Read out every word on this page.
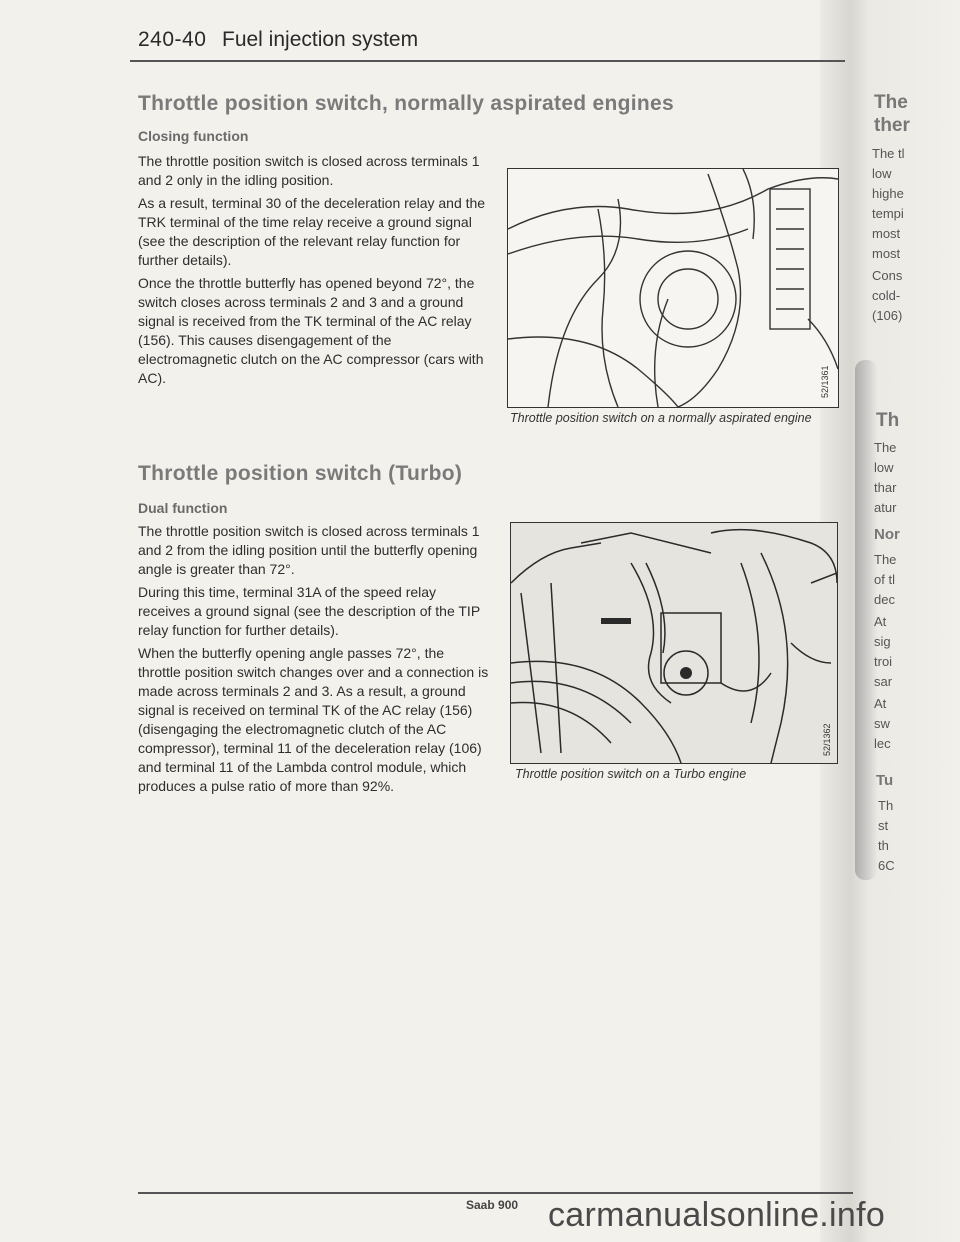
240-40 Fuel injection system
Throttle position switch, normally aspirated engines
Closing function

The throttle position switch is closed across terminals 1 and 2 only in the idling position.

As a result, terminal 30 of the deceleration relay and the TRK terminal of the time relay receive a ground signal (see the description of the relevant relay function for further details).

Once the throttle butterfly has opened beyond 72°, the switch closes across terminals 2 and 3 and a ground signal is received from the TK terminal of the AC relay (156). This causes disengagement of the electromagnetic clutch on the AC compressor (cars with AC).	52/1361
Throttle position switch on a normally aspirated engine
Throttle position switch (Turbo)
Dual function

The throttle position switch is closed across terminals 1 and 2 from the idling position until the butterfly opening angle is greater than 72°.

During this time, terminal 31A of the speed relay receives a ground signal (see the description of the TIP relay function for further details).

When the butterfly opening angle passes 72°, the throttle position switch changes over and a connection is made across terminals 2 and 3. As a result, a ground signal is received on terminal TK of the AC relay (156) (disengaging the electromagnetic clutch of the AC compressor), terminal 11 of the deceleration relay (106) and terminal 11 of the Lambda control module, which produces a pulse ratio of more than 92%.

52/1362
Throttle position switch on a Turbo engine
Saab 900 carmanualsonline.info
The
ther
The tl
low
highe
tempi
most
most
Cons
cold-
(106)
Th
The
low
thar
atur
Nor
The
of tl
dec
At
sig
troi
sar
At
sw
lec
Tu
Th
st
th
6C
